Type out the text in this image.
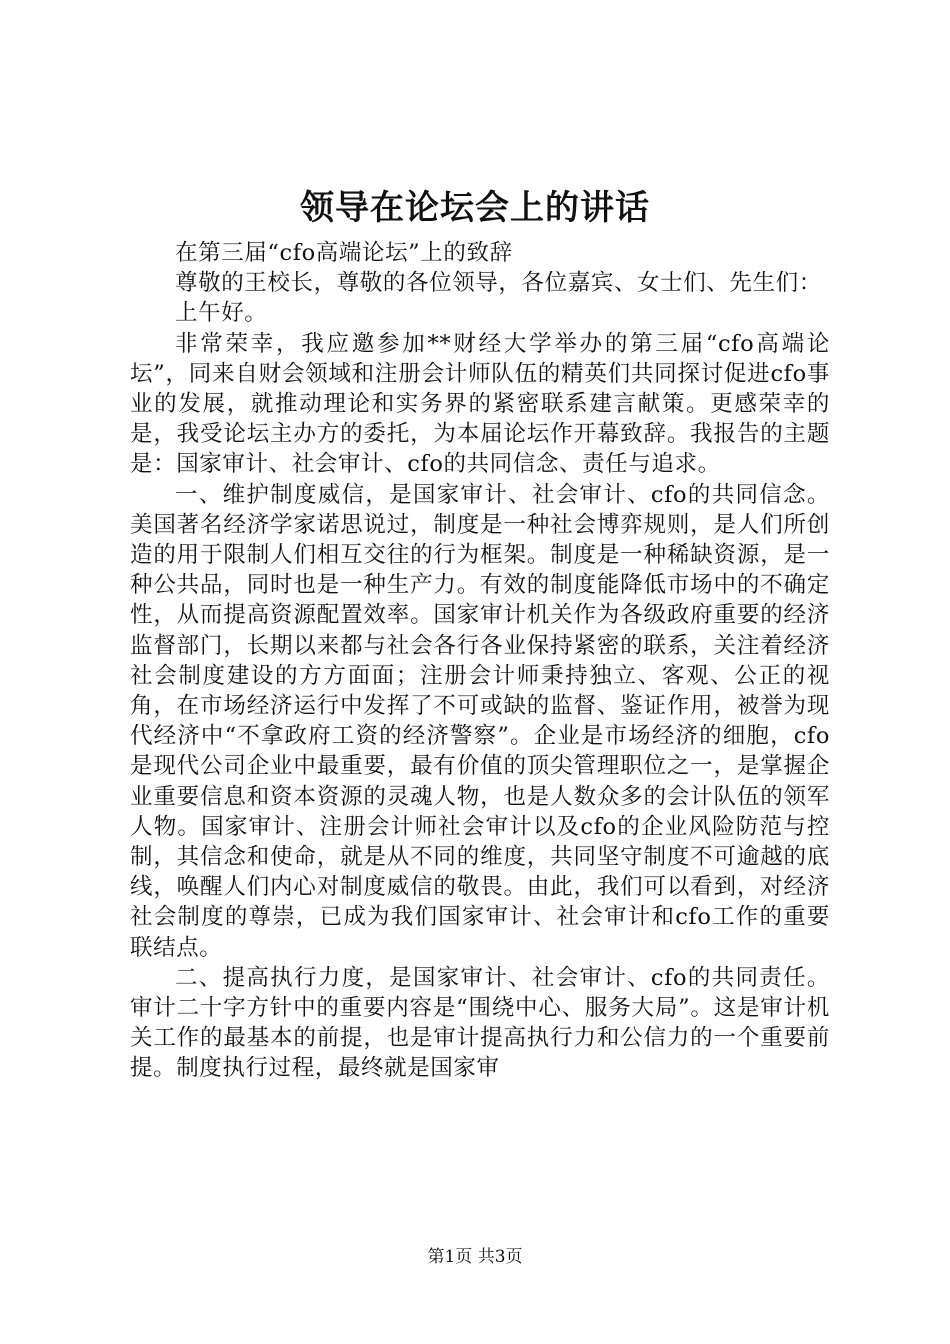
领导在论坛会上的讲话

在第三届“cfo高端论坛”上的致辞

尊敬的王校长，尊敬的各位领导，各位嘉宾、女士们、先生们：

上午好。

非常荣幸，我应邀参加**财经大学举办的第三届“cfo高端论坛”，同来自财会领域和注册会计师队伍的精英们共同探讨促进cfo事业的发展，就推动理论和实务界的紧密联系建言献策。更感荣幸的是，我受论坛主办方的委托，为本届论坛作开幕致辞。我报告的主题是：国家审计、社会审计、cfo的共同信念、责任与追求。

一、维护制度威信，是国家审计、社会审计、cfo的共同信念。美国著名经济学家诺思说过，制度是一种社会博弈规则，是人们所创造的用于限制人们相互交往的行为框架。制度是一种稀缺资源，是一种公共品，同时也是一种生产力。有效的制度能降低市场中的不确定性，从而提高资源配置效率。国家审计机关作为各级政府重要的经济监督部门，长期以来都与社会各行各业保持紧密的联系，关注着经济社会制度建设的方方面面；注册会计师秉持独立、客观、公正的视角，在市场经济运行中发挥了不可或缺的监督、鉴证作用，被誉为现代经济中“不拿政府工资的经济警察”。企业是市场经济的细胞，cfo是现代公司企业中最重要，最有价值的顶尖管理职位之一，是掌握企业重要信息和资本资源的灵魂人物，也是人数众多的会计队伍的领军人物。国家审计、注册会计师社会审计以及cfo的企业风险防范与控制，其信念和使命，就是从不同的维度，共同坚守制度不可逾越的底线，唤醒人们内心对制度威信的敬畏。由此，我们可以看到，对经济社会制度的尊崇，已成为我们国家审计、社会审计和cfo工作的重要联结点。

二、提高执行力度，是国家审计、社会审计、cfo的共同责任。审计二十字方针中的重要内容是“围绕中心、服务大局”。这是审计机关工作的最基本的前提，也是审计提高执行力和公信力的一个重要前提。制度执行过程，最终就是国家审

第1页 共3页
